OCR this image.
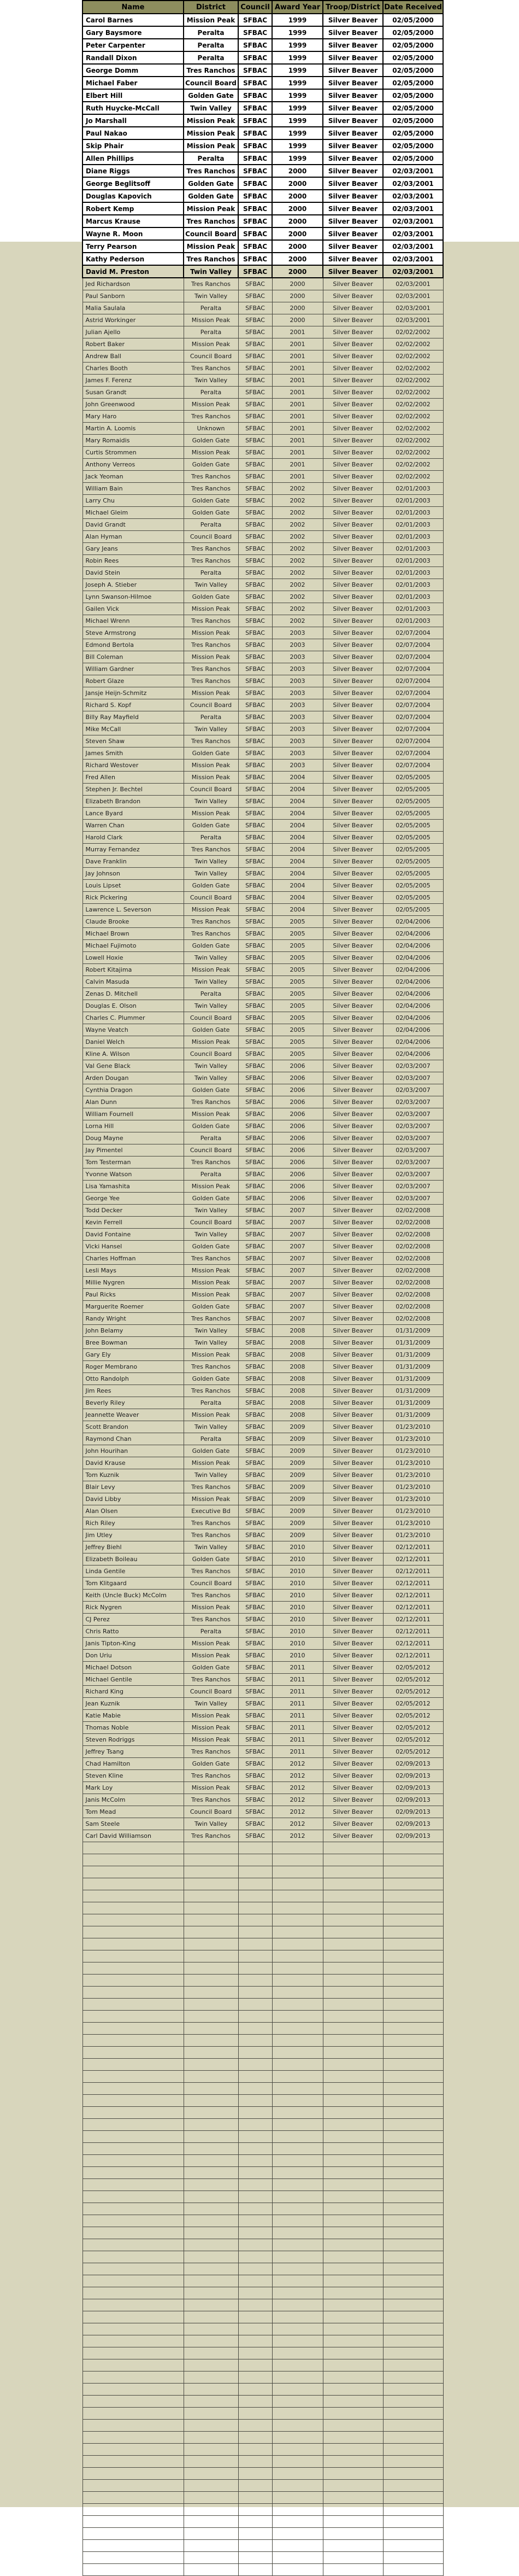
Name	District	Council	Award Year	Troop/District	Date Received
Carol Barnes	Mission Peak	SFBAC	1999	Silver Beaver	02/05/2000
Gary Baysmore	Peralta	SFBAC	1999	Silver Beaver	02/05/2000
Peter Carpenter	Peralta	SFBAC	1999	Silver Beaver	02/05/2000
Randall Dixon	Peralta	SFBAC	1999	Silver Beaver	02/05/2000
George Domm	Tres Ranchos	SFBAC	1999	Silver Beaver	02/05/2000
Michael Faber	Council Board	SFBAC	1999	Silver Beaver	02/05/2000
Elbert Hill	Golden Gate	SFBAC	1999	Silver Beaver	02/05/2000
Ruth Huycke-McCall	Twin Valley	SFBAC	1999	Silver Beaver	02/05/2000
Jo Marshall	Mission Peak	SFBAC	1999	Silver Beaver	02/05/2000
Paul Nakao	Mission Peak	SFBAC	1999	Silver Beaver	02/05/2000
Skip Phair	Mission Peak	SFBAC	1999	Silver Beaver	02/05/2000
Allen Phillips	Peralta	SFBAC	1999	Silver Beaver	02/05/2000
Diane Riggs	Tres Ranchos	SFBAC	2000	Silver Beaver	02/03/2001
George Beglitsoff	Golden Gate	SFBAC	2000	Silver Beaver	02/03/2001
Douglas Kapovich	Golden Gate	SFBAC	2000	Silver Beaver	02/03/2001
Robert Kemp	Mission Peak	SFBAC	2000	Silver Beaver	02/03/2001
Marcus Krause	Tres Ranchos	SFBAC	2000	Silver Beaver	02/03/2001
Wayne R. Moon	Council Board	SFBAC	2000	Silver Beaver	02/03/2001
Terry Pearson	Mission Peak	SFBAC	2000	Silver Beaver	02/03/2001
Kathy Pederson	Tres Ranchos	SFBAC	2000	Silver Beaver	02/03/2001
David M. Preston	Twin Valley	SFBAC	2000	Silver Beaver	02/03/2001
Jed Richardson	Tres Ranchos	SFBAC	2000	Silver Beaver	02/03/2001
Paul Sanborn	Twin Valley	SFBAC	2000	Silver Beaver	02/03/2001
Malia Saulala	Peralta	SFBAC	2000	Silver Beaver	02/03/2001
Astrid Workinger	Mission Peak	SFBAC	2000	Silver Beaver	02/03/2001
Julian Ajello	Peralta	SFBAC	2001	Silver Beaver	02/02/2002
Robert Baker	Mission Peak	SFBAC	2001	Silver Beaver	02/02/2002
Andrew Ball	Council Board	SFBAC	2001	Silver Beaver	02/02/2002
Charles Booth	Tres Ranchos	SFBAC	2001	Silver Beaver	02/02/2002
James F. Ferenz	Twin Valley	SFBAC	2001	Silver Beaver	02/02/2002
Susan Grandt	Peralta	SFBAC	2001	Silver Beaver	02/02/2002
John Greenwood	Mission Peak	SFBAC	2001	Silver Beaver	02/02/2002
Mary Haro	Tres Ranchos	SFBAC	2001	Silver Beaver	02/02/2002
Martin A. Loomis	Unknown	SFBAC	2001	Silver Beaver	02/02/2002
Mary Romaidis	Golden Gate	SFBAC	2001	Silver Beaver	02/02/2002
Curtis Strommen	Mission Peak	SFBAC	2001	Silver Beaver	02/02/2002
Anthony Verreos	Golden Gate	SFBAC	2001	Silver Beaver	02/02/2002
Jack Yeoman	Tres Ranchos	SFBAC	2001	Silver Beaver	02/02/2002
William Bain	Tres Ranchos	SFBAC	2002	Silver Beaver	02/01/2003
Larry Chu	Golden Gate	SFBAC	2002	Silver Beaver	02/01/2003
Michael Gleim	Golden Gate	SFBAC	2002	Silver Beaver	02/01/2003
David Grandt	Peralta	SFBAC	2002	Silver Beaver	02/01/2003
Alan Hyman	Council Board	SFBAC	2002	Silver Beaver	02/01/2003
Gary Jeans	Tres Ranchos	SFBAC	2002	Silver Beaver	02/01/2003
Robin Rees	Tres Ranchos	SFBAC	2002	Silver Beaver	02/01/2003
David Stein	Peralta	SFBAC	2002	Silver Beaver	02/01/2003
Joseph A. Stieber	Twin Valley	SFBAC	2002	Silver Beaver	02/01/2003
Lynn Swanson-Hilmoe	Golden Gate	SFBAC	2002	Silver Beaver	02/01/2003
Gailen Vick	Mission Peak	SFBAC	2002	Silver Beaver	02/01/2003
Michael Wrenn	Tres Ranchos	SFBAC	2002	Silver Beaver	02/01/2003
Steve Armstrong	Mission Peak	SFBAC	2003	Silver Beaver	02/07/2004
Edmond Bertola	Tres Ranchos	SFBAC	2003	Silver Beaver	02/07/2004
Bill Coleman	Mission Peak	SFBAC	2003	Silver Beaver	02/07/2004
William Gardner	Tres Ranchos	SFBAC	2003	Silver Beaver	02/07/2004
Robert Glaze	Tres Ranchos	SFBAC	2003	Silver Beaver	02/07/2004
Jansje Heijn-Schmitz	Mission Peak	SFBAC	2003	Silver Beaver	02/07/2004
Richard S. Kopf	Council Board	SFBAC	2003	Silver Beaver	02/07/2004
Billy Ray Mayfield	Peralta	SFBAC	2003	Silver Beaver	02/07/2004
Mike McCall	Twin Valley	SFBAC	2003	Silver Beaver	02/07/2004
Steven Shaw	Tres Ranchos	SFBAC	2003	Silver Beaver	02/07/2004
James Smith	Golden Gate	SFBAC	2003	Silver Beaver	02/07/2004
Richard Westover	Mission Peak	SFBAC	2003	Silver Beaver	02/07/2004
Fred Allen	Mission Peak	SFBAC	2004	Silver Beaver	02/05/2005
Stephen Jr. Bechtel	Council Board	SFBAC	2004	Silver Beaver	02/05/2005
Elizabeth Brandon	Twin Valley	SFBAC	2004	Silver Beaver	02/05/2005
Lance Byard	Mission Peak	SFBAC	2004	Silver Beaver	02/05/2005
Warren Chan	Golden Gate	SFBAC	2004	Silver Beaver	02/05/2005
Harold Clark	Peralta	SFBAC	2004	Silver Beaver	02/05/2005
Murray Fernandez	Tres Ranchos	SFBAC	2004	Silver Beaver	02/05/2005
Dave Franklin	Twin Valley	SFBAC	2004	Silver Beaver	02/05/2005
Jay Johnson	Twin Valley	SFBAC	2004	Silver Beaver	02/05/2005
Louis Lipset	Golden Gate	SFBAC	2004	Silver Beaver	02/05/2005
Rick Pickering	Council Board	SFBAC	2004	Silver Beaver	02/05/2005
Lawrence L. Severson	Mission Peak	SFBAC	2004	Silver Beaver	02/05/2005
Claude Brooke	Tres Ranchos	SFBAC	2005	Silver Beaver	02/04/2006
Michael Brown	Tres Ranchos	SFBAC	2005	Silver Beaver	02/04/2006
Michael Fujimoto	Golden Gate	SFBAC	2005	Silver Beaver	02/04/2006
Lowell Hoxie	Twin Valley	SFBAC	2005	Silver Beaver	02/04/2006
Robert Kitajima	Mission Peak	SFBAC	2005	Silver Beaver	02/04/2006
Calvin Masuda	Twin Valley	SFBAC	2005	Silver Beaver	02/04/2006
Zenas D. Mitchell	Peralta	SFBAC	2005	Silver Beaver	02/04/2006
Douglas E. Olson	Twin Valley	SFBAC	2005	Silver Beaver	02/04/2006
Charles C. Plummer	Council Board	SFBAC	2005	Silver Beaver	02/04/2006
Wayne Veatch	Golden Gate	SFBAC	2005	Silver Beaver	02/04/2006
Daniel Welch	Mission Peak	SFBAC	2005	Silver Beaver	02/04/2006
Kline A. Wilson	Council Board	SFBAC	2005	Silver Beaver	02/04/2006
Val Gene Black	Twin Valley	SFBAC	2006	Silver Beaver	02/03/2007
Arden Dougan	Twin Valley	SFBAC	2006	Silver Beaver	02/03/2007
Cynthia Dragon	Golden Gate	SFBAC	2006	Silver Beaver	02/03/2007
Alan Dunn	Tres Ranchos	SFBAC	2006	Silver Beaver	02/03/2007
William Fournell	Mission Peak	SFBAC	2006	Silver Beaver	02/03/2007
Lorna Hill	Golden Gate	SFBAC	2006	Silver Beaver	02/03/2007
Doug Mayne	Peralta	SFBAC	2006	Silver Beaver	02/03/2007
Jay Pimentel	Council Board	SFBAC	2006	Silver Beaver	02/03/2007
Tom Testerman	Tres Ranchos	SFBAC	2006	Silver Beaver	02/03/2007
Yvonne Watson	Peralta	SFBAC	2006	Silver Beaver	02/03/2007
Lisa Yamashita	Mission Peak	SFBAC	2006	Silver Beaver	02/03/2007
George Yee	Golden Gate	SFBAC	2006	Silver Beaver	02/03/2007
Todd Decker	Twin Valley	SFBAC	2007	Silver Beaver	02/02/2008
Kevin Ferrell	Council Board	SFBAC	2007	Silver Beaver	02/02/2008
David Fontaine	Twin Valley	SFBAC	2007	Silver Beaver	02/02/2008
Vicki Hansel	Golden Gate	SFBAC	2007	Silver Beaver	02/02/2008
Charles Hoffman	Tres Ranchos	SFBAC	2007	Silver Beaver	02/02/2008
Lesli Mays	Mission Peak	SFBAC	2007	Silver Beaver	02/02/2008
Millie Nygren	Mission Peak	SFBAC	2007	Silver Beaver	02/02/2008
Paul Ricks	Mission Peak	SFBAC	2007	Silver Beaver	02/02/2008
Marguerite Roemer	Golden Gate	SFBAC	2007	Silver Beaver	02/02/2008
Randy Wright	Tres Ranchos	SFBAC	2007	Silver Beaver	02/02/2008
John Belamy	Twin Valley	SFBAC	2008	Silver Beaver	01/31/2009
Bree Bowman	Twin Valley	SFBAC	2008	Silver Beaver	01/31/2009
Gary Ely	Mission Peak	SFBAC	2008	Silver Beaver	01/31/2009
Roger Membrano	Tres Ranchos	SFBAC	2008	Silver Beaver	01/31/2009
Otto Randolph	Golden Gate	SFBAC	2008	Silver Beaver	01/31/2009
Jim Rees	Tres Ranchos	SFBAC	2008	Silver Beaver	01/31/2009
Beverly Riley	Peralta	SFBAC	2008	Silver Beaver	01/31/2009
Jeannette Weaver	Mission Peak	SFBAC	2008	Silver Beaver	01/31/2009
Scott Brandon	Twin Valley	SFBAC	2009	Silver Beaver	01/23/2010
Raymond Chan	Peralta	SFBAC	2009	Silver Beaver	01/23/2010
John Hourihan	Golden Gate	SFBAC	2009	Silver Beaver	01/23/2010
David Krause	Mission Peak	SFBAC	2009	Silver Beaver	01/23/2010
Tom Kuznik	Twin Valley	SFBAC	2009	Silver Beaver	01/23/2010
Blair Levy	Tres Ranchos	SFBAC	2009	Silver Beaver	01/23/2010
David Libby	Mission Peak	SFBAC	2009	Silver Beaver	01/23/2010
Alan Olsen	Executive Bd	SFBAC	2009	Silver Beaver	01/23/2010
Rich Riley	Tres Ranchos	SFBAC	2009	Silver Beaver	01/23/2010
Jim Utley	Tres Ranchos	SFBAC	2009	Silver Beaver	01/23/2010
Jeffrey Biehl	Twin Valley	SFBAC	2010	Silver Beaver	02/12/2011
Elizabeth Boileau	Golden Gate	SFBAC	2010	Silver Beaver	02/12/2011
Linda Gentile	Tres Ranchos	SFBAC	2010	Silver Beaver	02/12/2011
Tom Klitgaard	Council Board	SFBAC	2010	Silver Beaver	02/12/2011
Keith (Uncle Buck) McColm	Tres Ranchos	SFBAC	2010	Silver Beaver	02/12/2011
Rick Nygren	Mission Peak	SFBAC	2010	Silver Beaver	02/12/2011
CJ Perez	Tres Ranchos	SFBAC	2010	Silver Beaver	02/12/2011
Chris Ratto	Peralta	SFBAC	2010	Silver Beaver	02/12/2011
Janis Tipton-King	Mission Peak	SFBAC	2010	Silver Beaver	02/12/2011
Don Uriu	Mission Peak	SFBAC	2010	Silver Beaver	02/12/2011
Michael Dotson	Golden Gate	SFBAC	2011	Silver Beaver	02/05/2012
Michael Gentile	Tres Ranchos	SFBAC	2011	Silver Beaver	02/05/2012
Richard King	Council Board	SFBAC	2011	Silver Beaver	02/05/2012
Jean Kuznik	Twin Valley	SFBAC	2011	Silver Beaver	02/05/2012
Katie Mabie	Mission Peak	SFBAC	2011	Silver Beaver	02/05/2012
Thomas Noble	Mission Peak	SFBAC	2011	Silver Beaver	02/05/2012
Steven Rodriggs	Mission Peak	SFBAC	2011	Silver Beaver	02/05/2012
Jeffrey Tsang	Tres Ranchos	SFBAC	2011	Silver Beaver	02/05/2012
Chad Hamilton	Golden Gate	SFBAC	2012	Silver Beaver	02/09/2013
Steven Kline	Tres Ranchos	SFBAC	2012	Silver Beaver	02/09/2013
Mark Loy	Mission Peak	SFBAC	2012	Silver Beaver	02/09/2013
Janis McColm	Tres Ranchos	SFBAC	2012	Silver Beaver	02/09/2013
Tom Mead	Council Board	SFBAC	2012	Silver Beaver	02/09/2013
Sam Steele	Twin Valley	SFBAC	2012	Silver Beaver	02/09/2013
Carl David Williamson	Tres Ranchos	SFBAC	2012	Silver Beaver	02/09/2013
